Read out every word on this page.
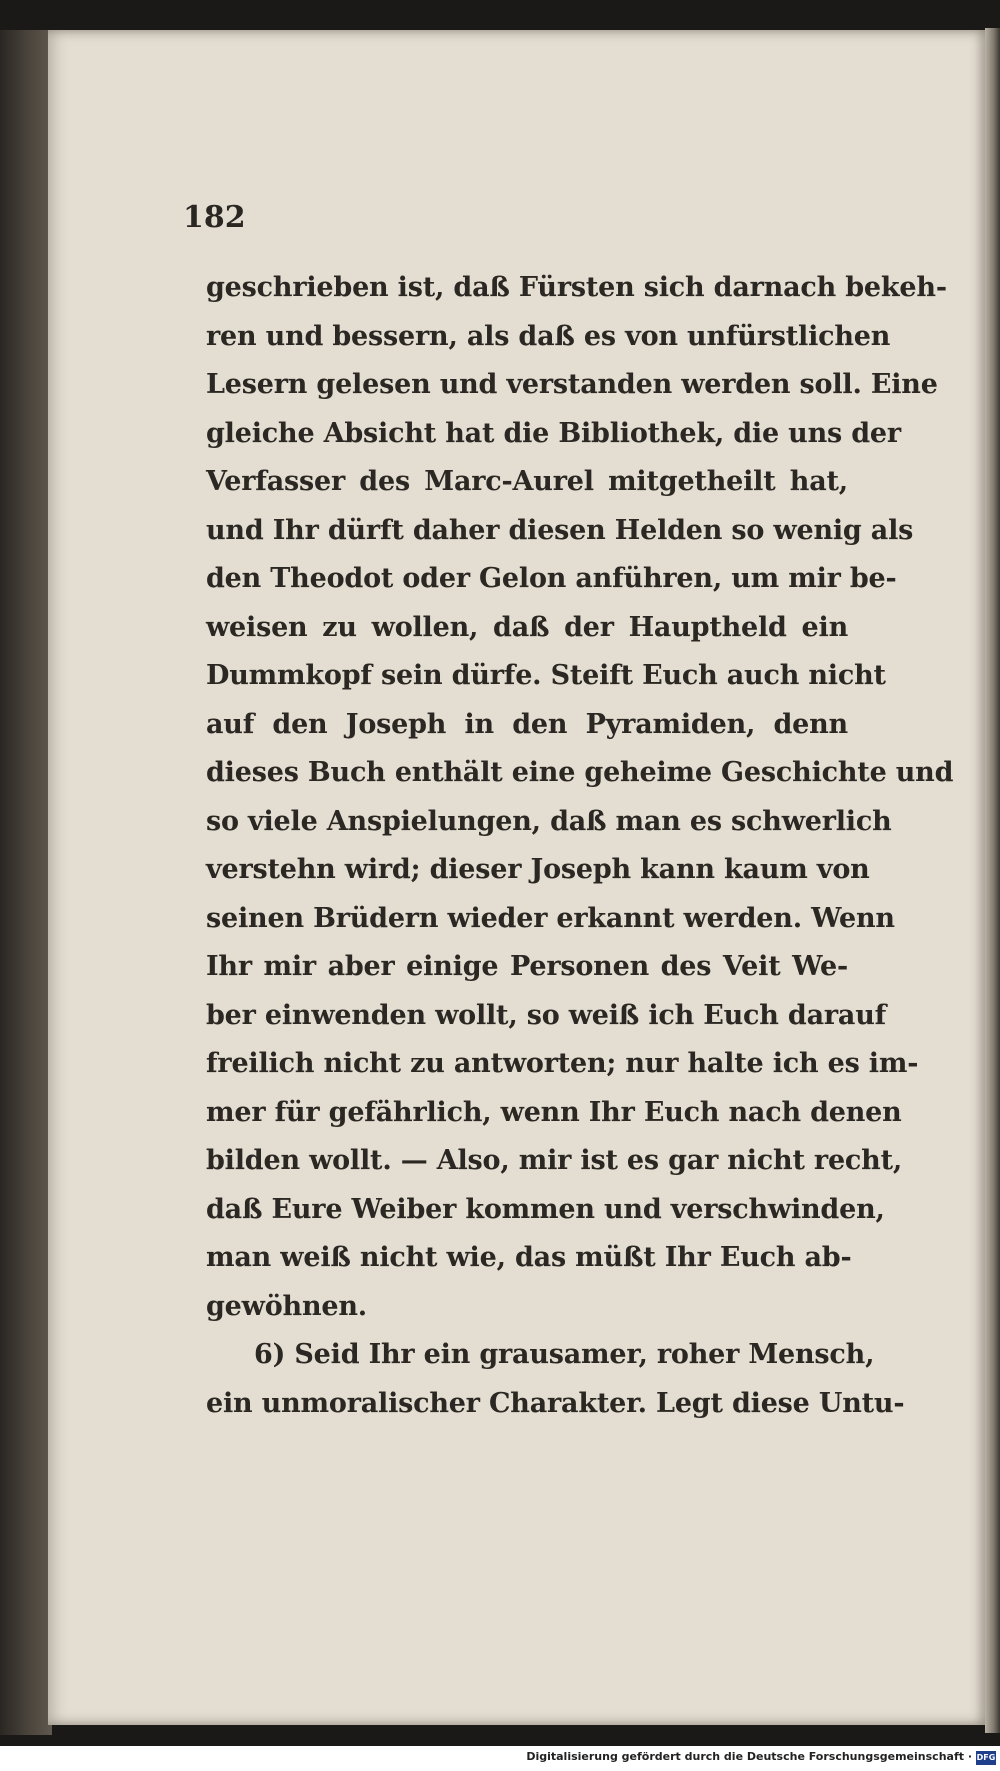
182

geschrieben ist, daß Fürsten sich darnach bekeh-
ren und bessern, als daß es von unfürstlichen
Lesern gelesen und verstanden werden soll. Eine
gleiche Absicht hat die Bibliothek, die uns der
Verfasser des Marc-Aurel mitgetheilt hat,
und Ihr dürft daher diesen Helden so wenig als
den Theodot oder Gelon anführen, um mir be-
weisen zu wollen, daß der Hauptheld ein
Dummkopf sein dürfe. Steift Euch auch nicht
auf den Joseph in den Pyramiden, denn
dieses Buch enthält eine geheime Geschichte und
so viele Anspielungen, daß man es schwerlich
verstehn wird; dieser Joseph kann kaum von
seinen Brüdern wieder erkannt werden. Wenn
Ihr mir aber einige Personen des Veit We-
ber einwenden wollt, so weiß ich Euch darauf
freilich nicht zu antworten; nur halte ich es im-
mer für gefährlich, wenn Ihr Euch nach denen
bilden wollt. — Also, mir ist es gar nicht recht,
daß Eure Weiber kommen und verschwinden,
man weiß nicht wie, das müßt Ihr Euch ab-
gewöhnen.
6) Seid Ihr ein grausamer, roher Mensch,
ein unmoralischer Charakter. Legt diese Untu-
Digitalisierung gefördert durch die Deutsche Forschungsgemeinschaft · DFG
